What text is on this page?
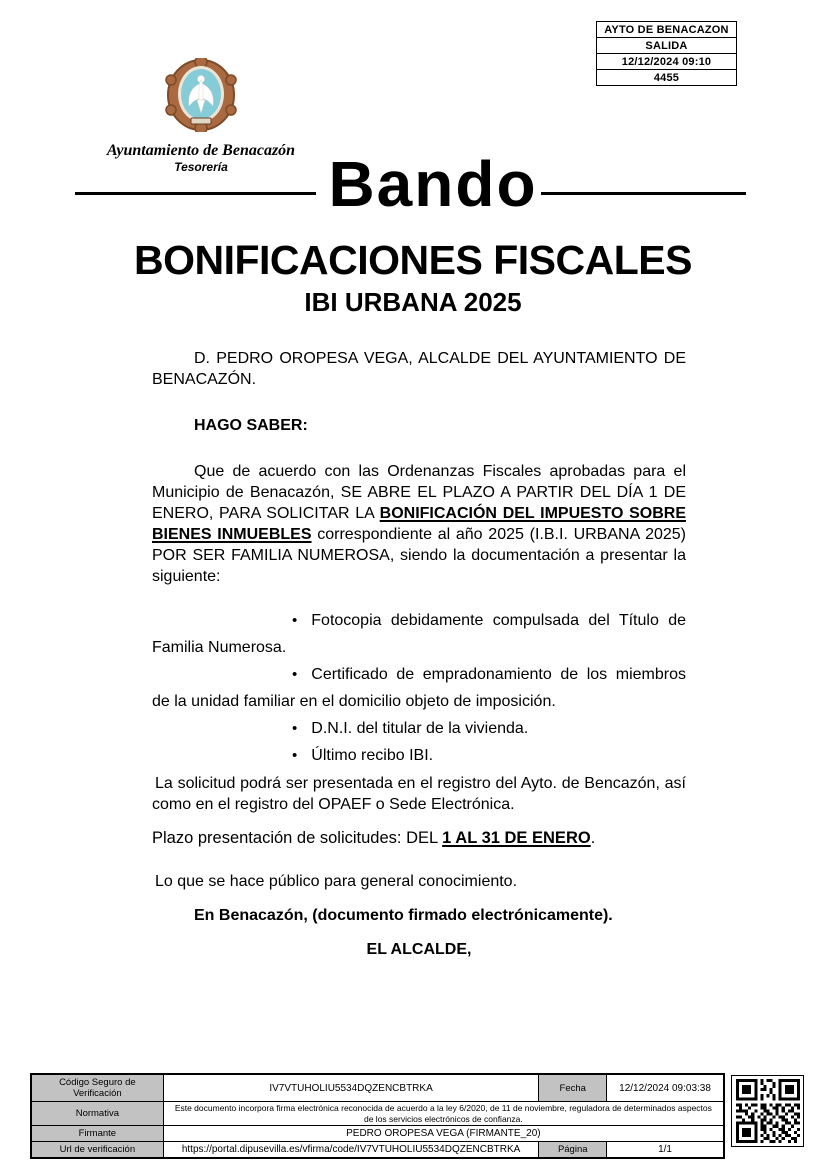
AYTO DE BENACAZON
SALIDA
12/12/2024 09:10
4455
Ayuntamiento de Benacazón
Tesorería	Bando
BONIFICACIONES FISCALES
IBI URBANA 2025

D. PEDRO OROPESA VEGA, ALCALDE DEL AYUNTAMIENTO DE BENACAZÓN.

HAGO SABER:

Que de acuerdo con las Ordenanzas Fiscales aprobadas para el Municipio de Benacazón, SE ABRE EL PLAZO A PARTIR DEL DÍA 1 DE ENERO, PARA SOLICITAR LA BONIFICACIÓN DEL IMPUESTO SOBRE BIENES INMUEBLES correspondiente al año 2025 (I.B.I. URBANA 2025) POR SER FAMILIA NUMEROSA, siendo la documentación a presentar la siguiente:

• Fotocopia debidamente compulsada del Título de Familia Numerosa.
• Certificado de empradonamiento de los miembros de la unidad familiar en el domicilio objeto de imposición.
• D.N.I. del titular de la vivienda.
• Último recibo IBI.

La solicitud podrá ser presentada en el registro del Ayto. de Bencazón, así como en el registro del OPAEF o Sede Electrónica.

Plazo presentación de solicitudes: DEL 1 AL 31 DE ENERO.

Lo que se hace público para general conocimiento.

En Benacazón, (documento firmado electrónicamente).

EL ALCALDE,

Código Seguro de Verificación	IV7VTUHOLIU5534DQZENCBTRKA	Fecha	12/12/2024 09:03:38
Normativa	Este documento incorpora firma electrónica reconocida de acuerdo a la ley 6/2020, de 11 de noviembre, reguladora de determinados aspectos de los servicios electrónicos de confianza.		
Firmante	PEDRO OROPESA VEGA (FIRMANTE_20)		
Url de verificación	https://portal.dipusevilla.es/vfirma/code/IV7VTUHOLIU5534DQZENCBTRKA	Página	1/1
